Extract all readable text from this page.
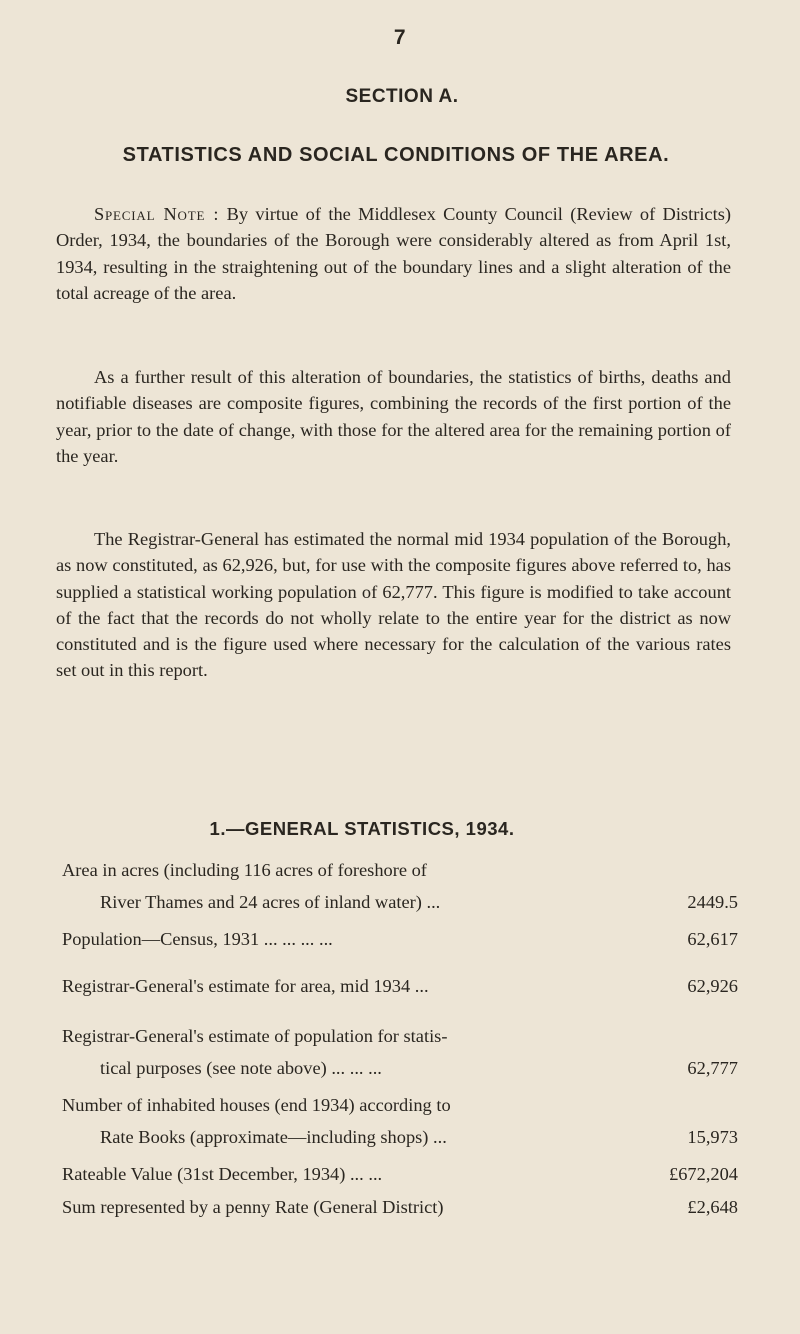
7
SECTION A.
STATISTICS AND SOCIAL CONDITIONS OF THE AREA.

Special Note : By virtue of the Middlesex County Council (Review of Districts) Order, 1934, the boundaries of the Borough were considerably altered as from April 1st, 1934, resulting in the straightening out of the boundary lines and a slight alteration of the total acreage of the area.

As a further result of this alteration of boundaries, the statistics of births, deaths and notifiable diseases are composite figures, combining the records of the first portion of the year, prior to the date of change, with those for the altered area for the remaining portion of the year.

The Registrar-General has estimated the normal mid 1934 population of the Borough, as now constituted, as 62,926, but, for use with the composite figures above referred to, has supplied a statistical working population of 62,777. This figure is modified to take account of the fact that the records do not wholly relate to the entire year for the district as now constituted and is the figure used where necessary for the calculation of the various rates set out in this report.

1.—GENERAL STATISTICS, 1934.
Area in acres (including 116 acres of foreshore of
River Thames and 24 acres of inland water) ...	2449.5
Population—Census, 1931 ... ... ... ...	62,617
Registrar-General's estimate for area, mid 1934 ...	62,926
Registrar-General's estimate of population for statis-
tical purposes (see note above) ... ... ...	62,777
Number of inhabited houses (end 1934) according to
Rate Books (approximate—including shops) ...	15,973
Rateable Value (31st December, 1934) ... ...	£672,204
Sum represented by a penny Rate (General District)	£2,648
